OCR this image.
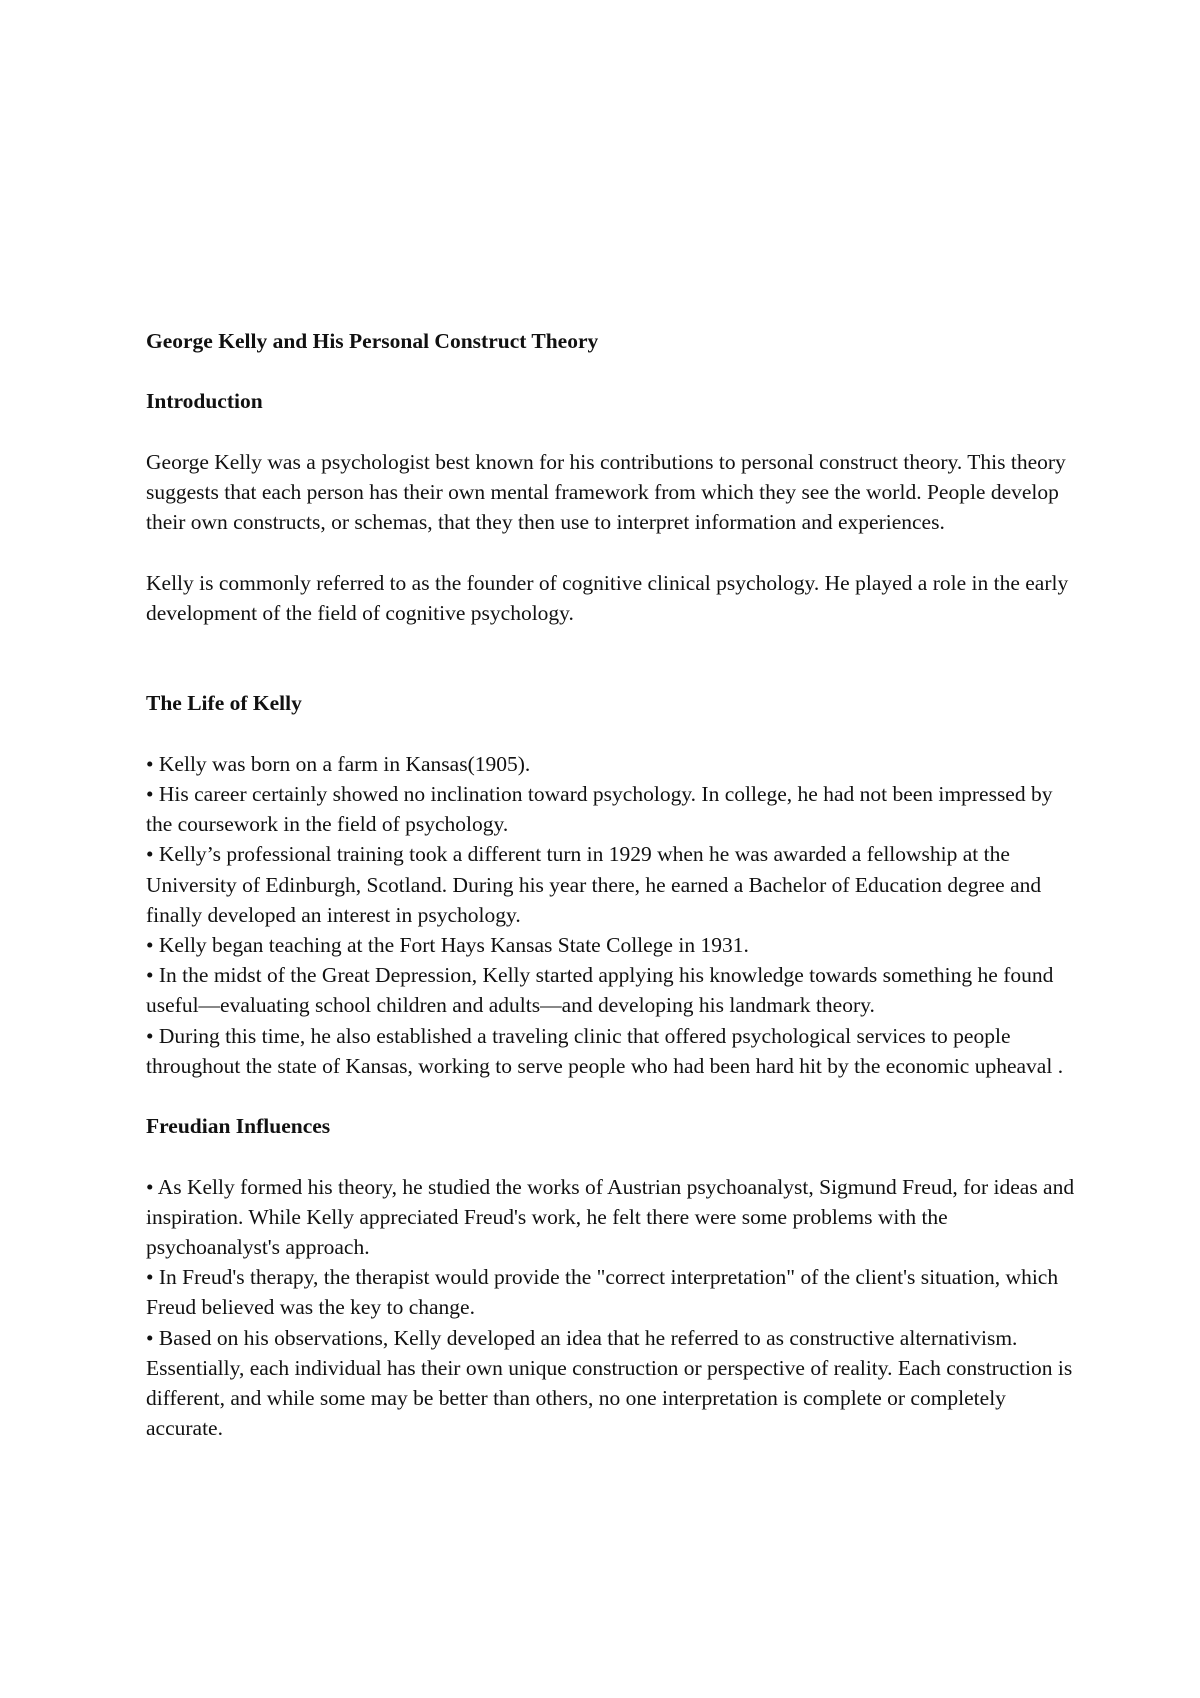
George Kelly and His Personal Construct Theory
Introduction

George Kelly was a psychologist best known for his contributions to personal construct theory. This theory suggests that each person has their own mental framework from which they see the world. People develop their own constructs, or schemas, that they then use to interpret information and experiences.

Kelly is commonly referred to as the founder of cognitive clinical psychology. He played a role in the early development of the field of cognitive psychology.

The Life of Kelly

• Kelly was born on a farm in Kansas(1905).

• His career certainly showed no inclination toward psychology. In college, he had not been impressed by the coursework in the field of psychology.

• Kelly’s professional training took a different turn in 1929 when he was awarded a fellowship at the University of Edinburgh, Scotland. During his year there, he earned a Bachelor of Education degree and finally developed an interest in psychology.

• Kelly began teaching at the Fort Hays Kansas State College in 1931.

• In the midst of the Great Depression, Kelly started applying his knowledge towards something he found useful—evaluating school children and adults—and developing his landmark theory.

• During this time, he also established a traveling clinic that offered psychological services to people throughout the state of Kansas, working to serve people who had been hard hit by the economic upheaval .

Freudian Influences

• As Kelly formed his theory, he studied the works of Austrian psychoanalyst, Sigmund Freud, for ideas and inspiration. While Kelly appreciated Freud's work, he felt there were some problems with the psychoanalyst's approach.

• In Freud's therapy, the therapist would provide the "correct interpretation" of the client's situation, which Freud believed was the key to change.

• Based on his observations, Kelly developed an idea that he referred to as constructive alternativism. Essentially, each individual has their own unique construction or perspective of reality. Each construction is different, and while some may be better than others, no one interpretation is complete or completely accurate.
